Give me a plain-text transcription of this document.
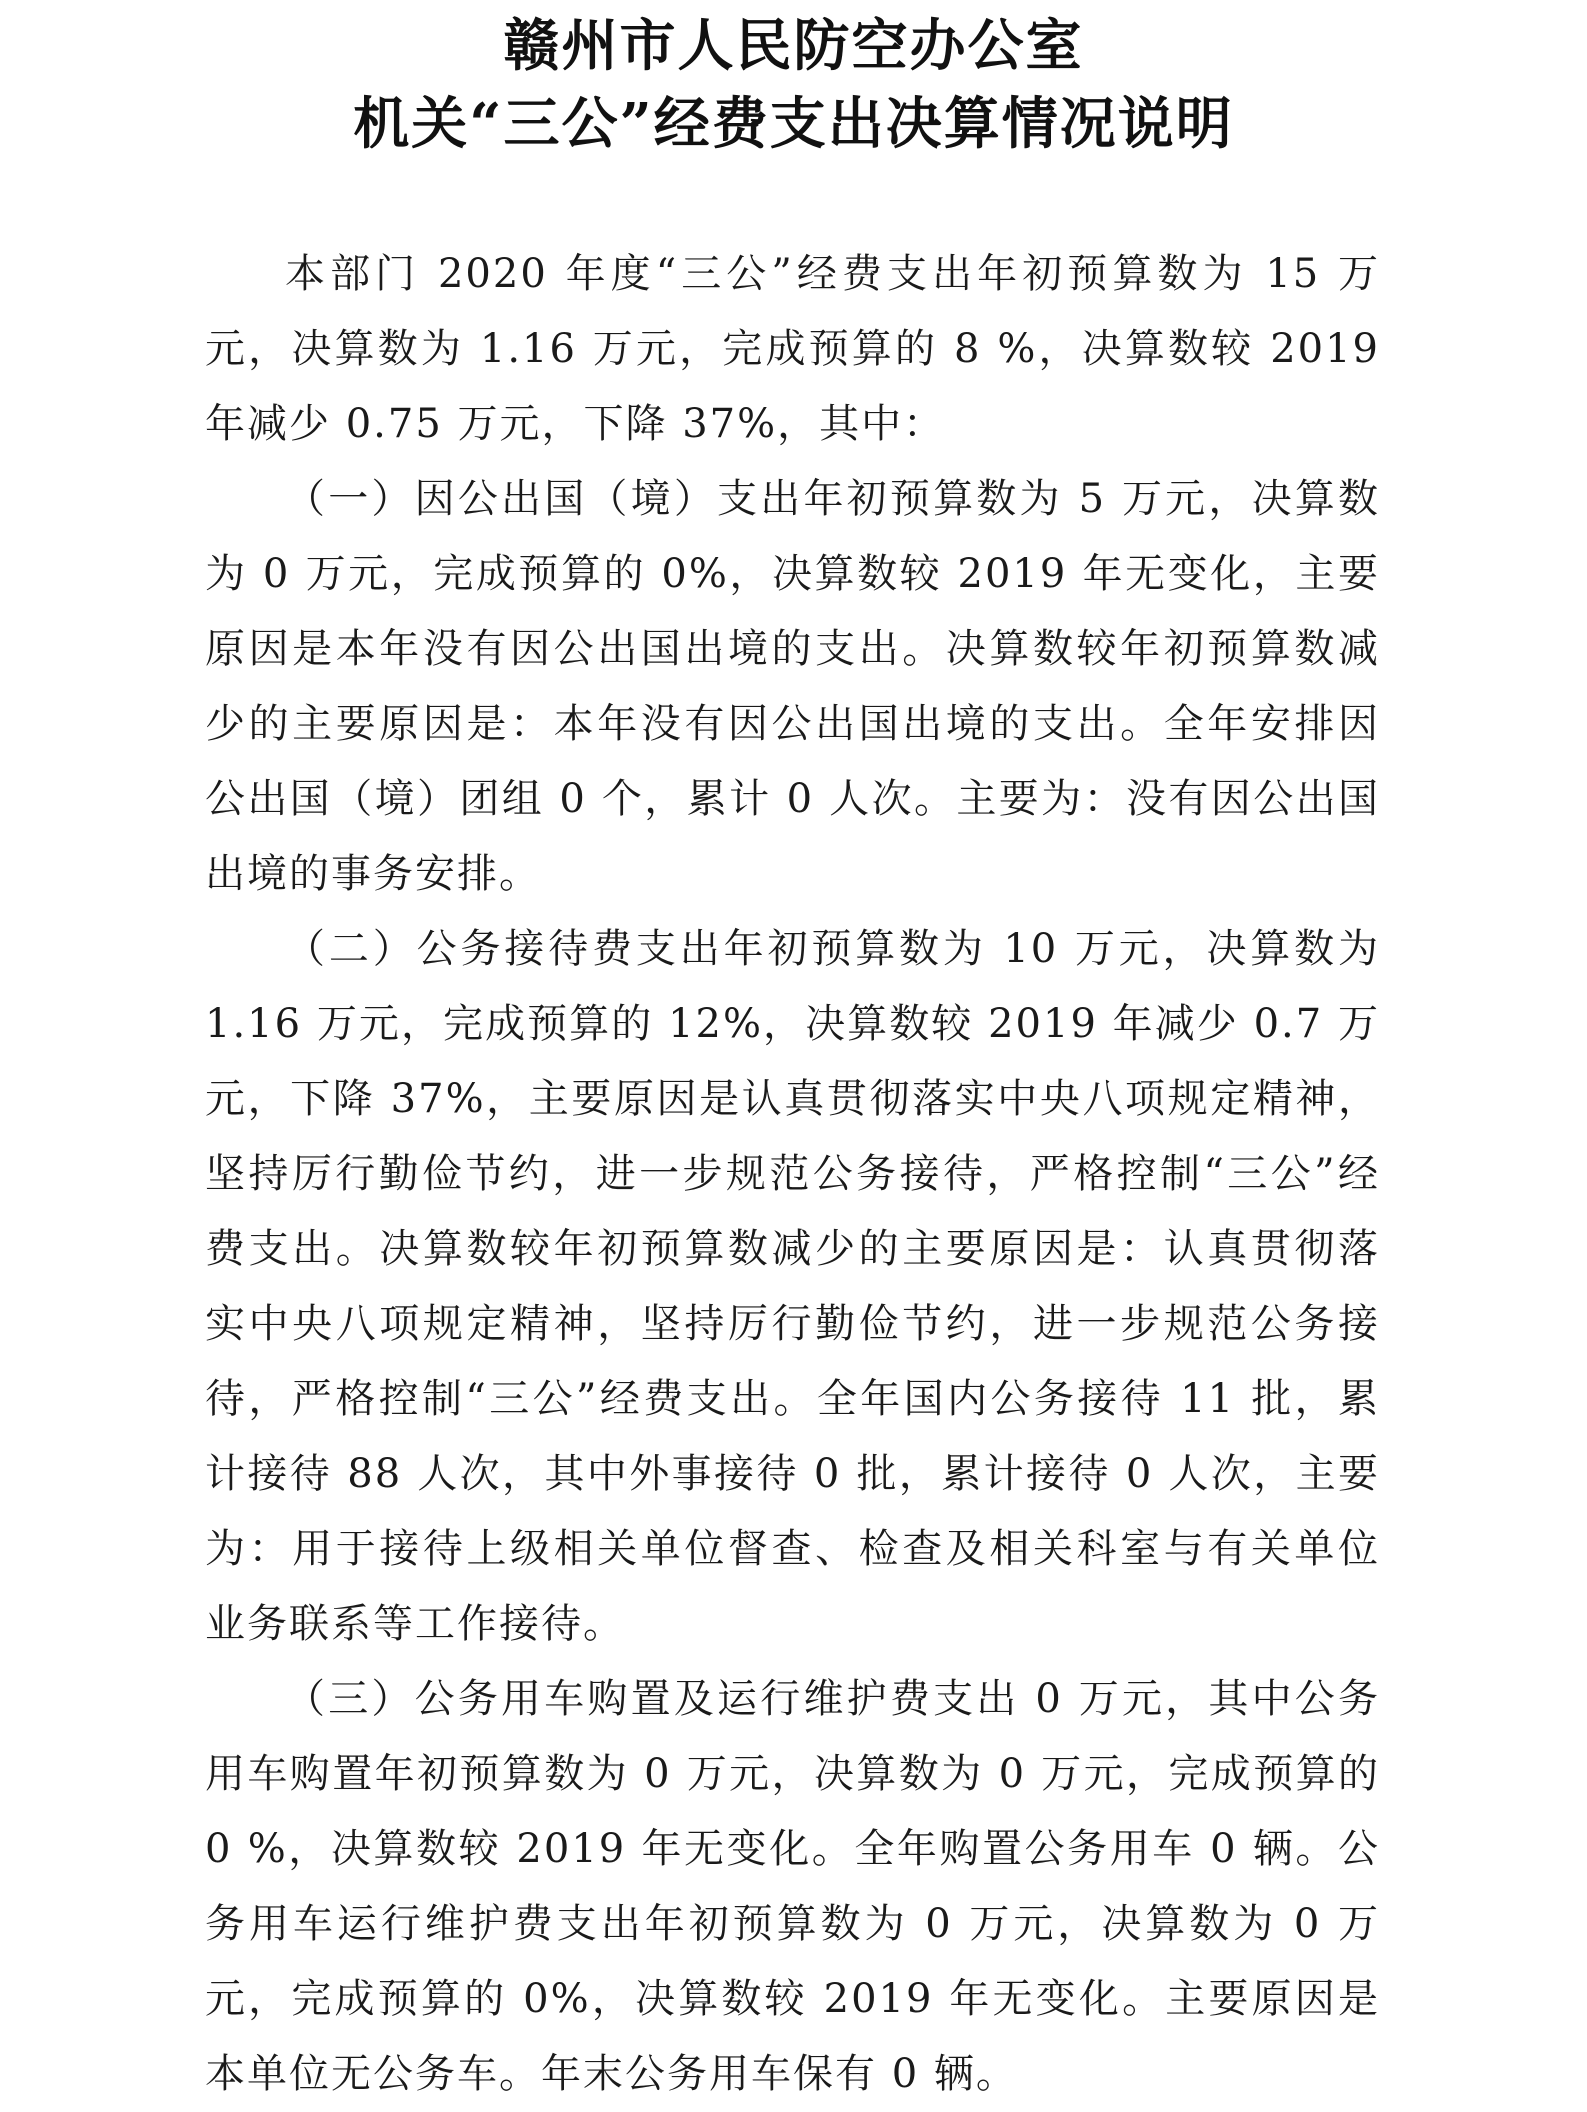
赣州市人民防空办公室
机关“三公”经费支出决算情况说明

本部门 2020 年度“三公”经费支出年初预算数为 15 万元，决算数为 1.16 万元，完成预算的 8 %，决算数较 2019 年减少 0.75 万元，下降 37%，其中：

（一）因公出国（境）支出年初预算数为 5 万元，决算数为 0 万元，完成预算的 0%，决算数较 2019 年无变化，主要原因是本年没有因公出国出境的支出。决算数较年初预算数减少的主要原因是：本年没有因公出国出境的支出。全年安排因公出国（境）团组 0 个，累计 0 人次。主要为：没有因公出国出境的事务安排。

（二）公务接待费支出年初预算数为 10 万元，决算数为 1.16 万元，完成预算的 12%，决算数较 2019 年减少 0.7 万元，下降 37%，主要原因是认真贯彻落实中央八项规定精神，坚持厉行勤俭节约，进一步规范公务接待，严格控制“三公”经费支出。决算数较年初预算数减少的主要原因是：认真贯彻落实中央八项规定精神，坚持厉行勤俭节约，进一步规范公务接待，严格控制“三公”经费支出。全年国内公务接待 11 批，累计接待 88 人次，其中外事接待 0 批，累计接待 0 人次，主要为：用于接待上级相关单位督查、检查及相关科室与有关单位业务联系等工作接待。

（三）公务用车购置及运行维护费支出 0 万元，其中公务用车购置年初预算数为 0 万元，决算数为 0 万元，完成预算的 0 %，决算数较 2019 年无变化。全年购置公务用车 0 辆。公务用车运行维护费支出年初预算数为 0 万元，决算数为 0 万元，完成预算的 0%，决算数较 2019 年无变化。主要原因是本单位无公务车。年末公务用车保有 0 辆。
